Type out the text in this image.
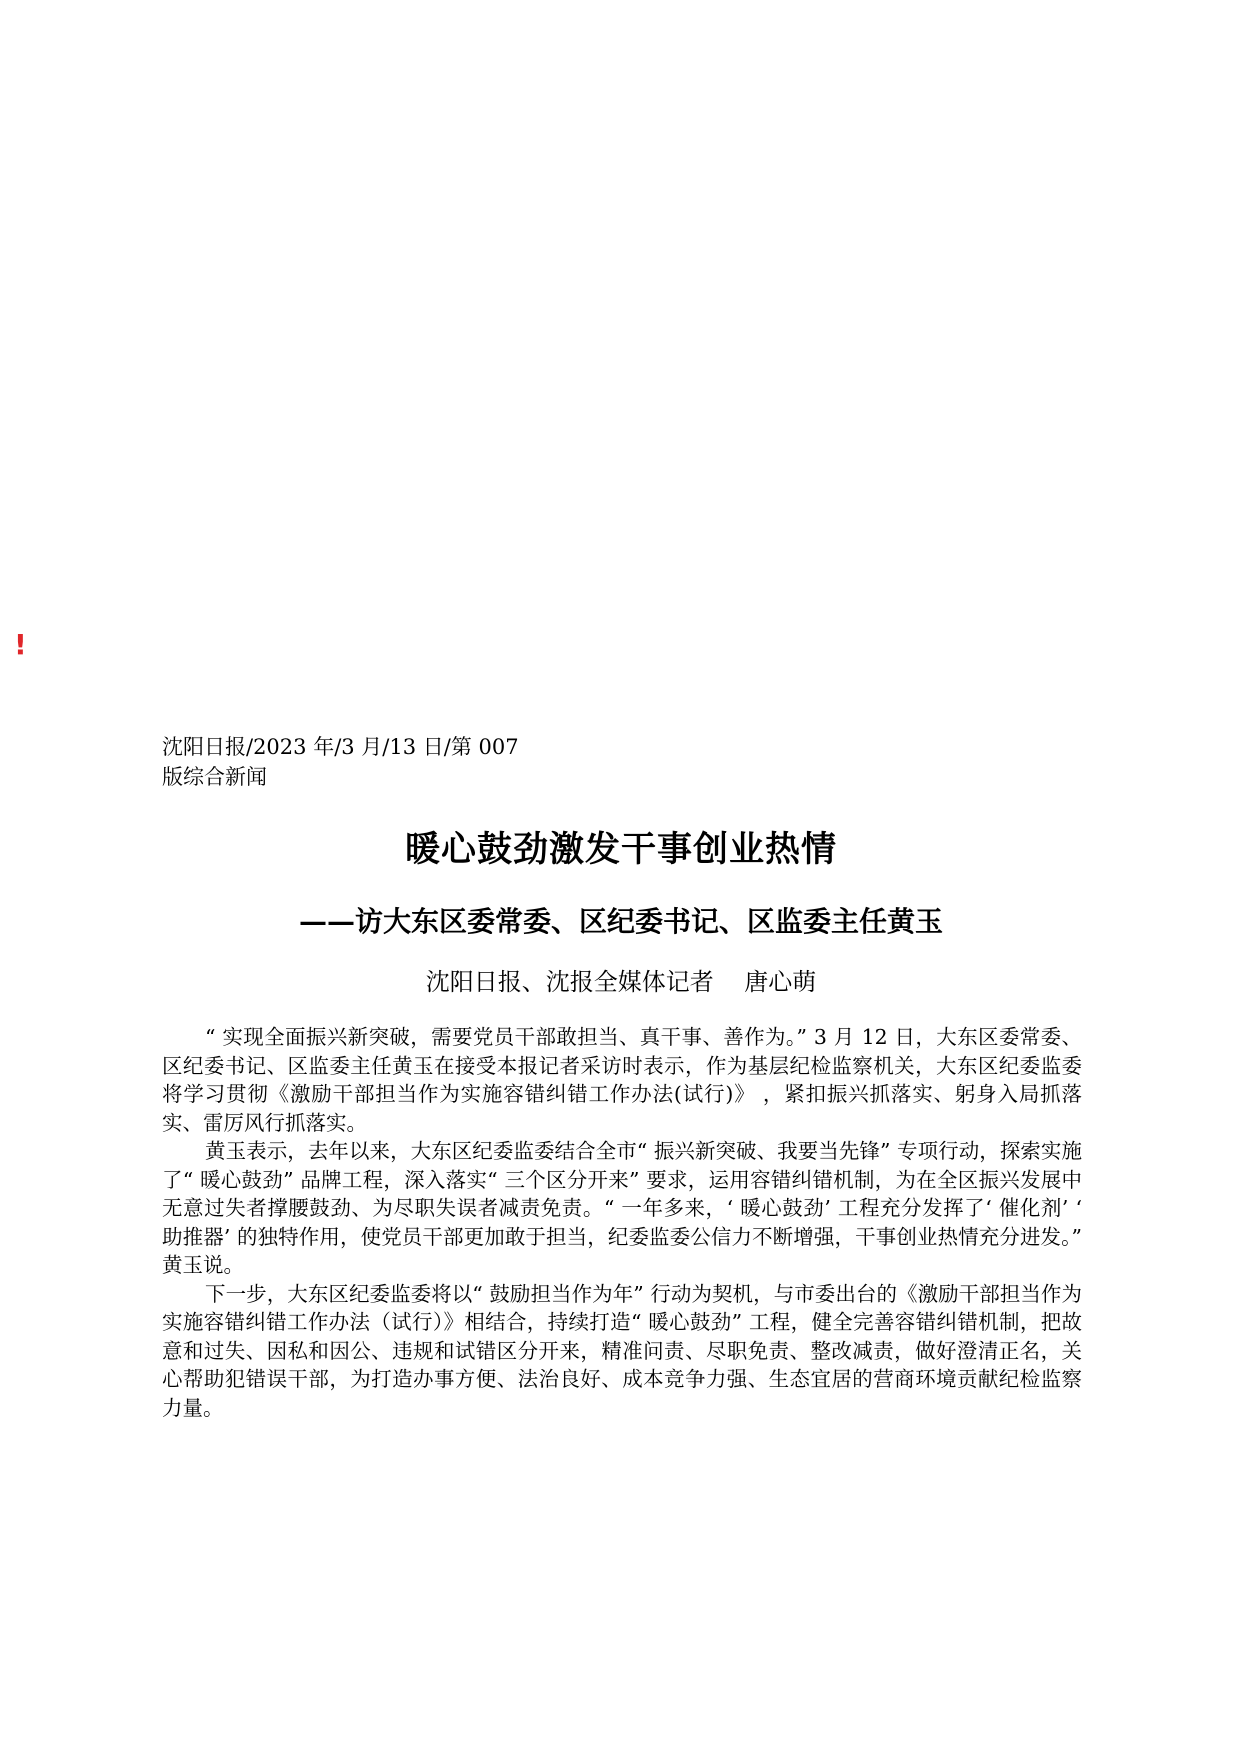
!
沈阳日报/2023 年/3 月/13 日/第 007 版综合新闻
暖心鼓劲激发干事创业热情
——访大东区委常委、区纪委书记、区监委主任黄玉
沈阳日报、沈报全媒体记者    唐心萌

“ 实现全面振兴新突破，需要党员干部敢担当、真干事、善作为。” 3 月 12 日，大东区委常委、区纪委书记、区监委主任黄玉在接受本报记者采访时表示，作为基层纪检监察机关，大东区纪委监委将学习贯彻《激励干部担当作为实施容错纠错工作办法(试行)》 ，紧扣振兴抓落实、躬身入局抓落实、雷厉风行抓落实。

黄玉表示，去年以来，大东区纪委监委结合全市“ 振兴新突破、我要当先锋” 专项行动，探索实施了“ 暖心鼓劲” 品牌工程，深入落实“ 三个区分开来” 要求，运用容错纠错机制，为在全区振兴发展中无意过失者撑腰鼓劲、为尽职失误者减责免责。“ 一年多来，‘ 暖心鼓劲’ 工程充分发挥了‘ 催化剂’ ‘ 助推器’ 的独特作用，使党员干部更加敢于担当，纪委监委公信力不断增强，干事创业热情充分进发。” 黄玉说。

下一步，大东区纪委监委将以“ 鼓励担当作为年” 行动为契机，与市委出台的《激励干部担当作为实施容错纠错工作办法（试行）》相结合，持续打造“ 暖心鼓劲” 工程，健全完善容错纠错机制，把故意和过失、因私和因公、违规和试错区分开来，精准问责、尽职免责、整改减责，做好澄清正名，关心帮助犯错误干部，为打造办事方便、法治良好、成本竞争力强、生态宜居的营商环境贡献纪检监察力量。
